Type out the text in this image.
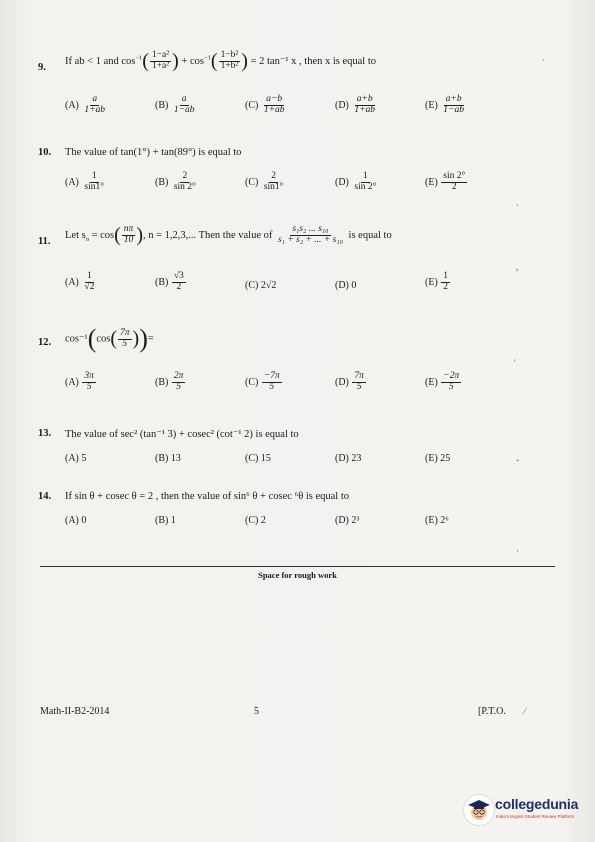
9.
If ab < 1 and $\cos^{-1}( \frac{\text{1−a²}}{\text{1+a²}}$ ) + $\cos^{-1}( \frac{\text{1−b²}}{\text{1+b²}}$ ) = 2 tan⁻¹ x , then x is equal to
$(A) \frac{a}{1+ab}$	$(B) \frac{a}{1-ab}$	$(C) \frac{a-b}{1+ab}$	$(D) \frac{a+b}{1+ab}$	$(E) \frac{a+b}{1-ab}$
10. The value of tan(1°) + tan(89°) is equal to
$(A) \frac{1}{\sin 1^\circ}$	$(B) \frac{2}{\sin 2^\circ}$	$(C) \frac{2}{\sin 1^\circ}$	$(D) \frac{1}{\sin 2^\circ}$	$(E) \frac{\sin 2^\circ}{2}$
11.
Let $s_n = \cos( \frac{n\pi}{10}$ ), n = 1,2,3,... Then the value of $\frac{\text{s₁s₂ ... s₁₀}}{\text{s₁ + s₂ + ... + s₁₀}}$ is equal to
$(A) \frac{1}{√2}$	$(B) \frac{√3}{2}$	(C) 2√2	(D) 0	$(E) \frac{1}{2}$
12. $\cos^{-1}(\cos( \frac{7\pi}{5}$ ))=
$(A) \frac{3\pi}{5}$	$(B) \frac{2\pi}{5}$	$(C) \frac{-7\pi}{5}$	$(D) \frac{7\pi}{5}$	$(E) \frac{-2\pi}{5}$
13. The value of sec² (tan⁻¹ 3) + cosec² (cot⁻¹ 2) is equal to
(A) 5	(B) 13	(C) 15	(D) 23	(E) 25
14. If sin θ + cosec θ = 2 , then the value of sin⁶ θ + cosec ⁶θ is equal to
(A) 0	(B) 1	(C) 2	(D) 2³	(E) 2⁶
Space for rough work
Math-II-B2-2014	5	[P.T.O.
ˋ
ˎ
,
'
ˇ
·
⁄
collegedunia
India's largest Student Review Platform
